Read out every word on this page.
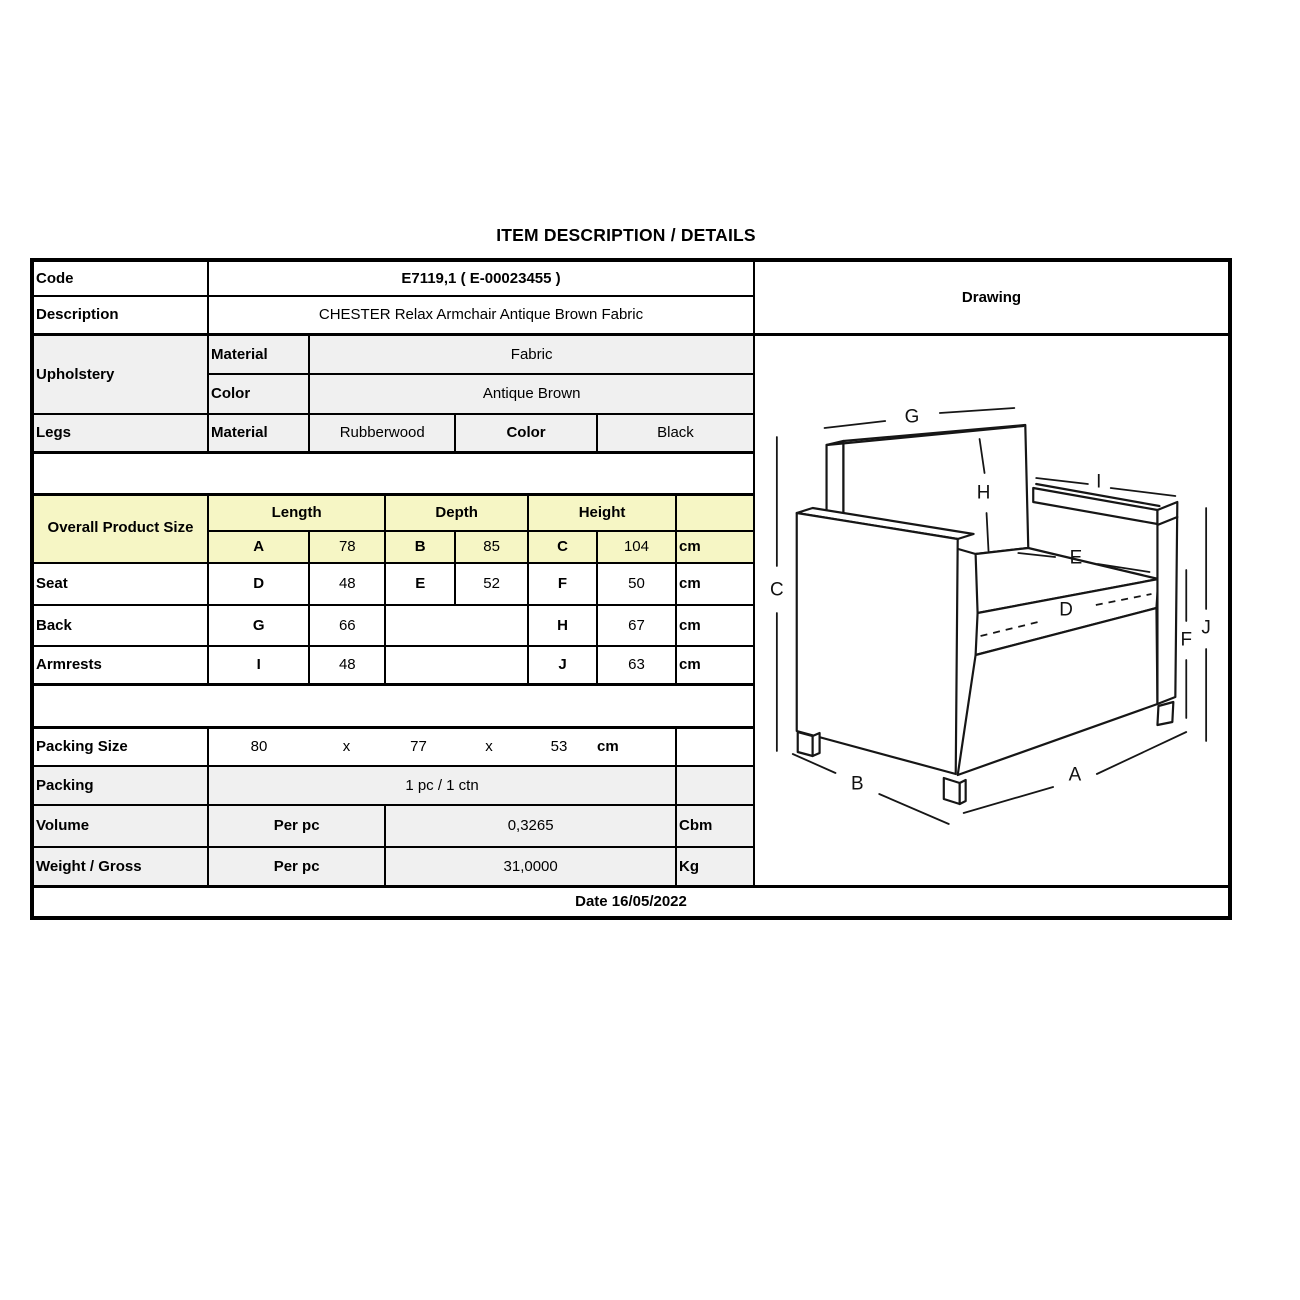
ITEM DESCRIPTION / DETAILS
Code	E7119,1 ( E-00023455 )							Drawing
Description	CHESTER Relax Armchair Antique Brown Fabric							
Upholstery	Material	Fabric	
G
C
H
I
E
D
F
J
B	A

	Color	Antique Brown						
Legs	Material	Rubberwood		Color		Black		

Overall Product Size	Length		Depth		Height			
	A	78	B	85	C	104	cm	
Seat	D	48	E	52	F	50	cm	
Back	G	66			H	67	cm	
Armrests	I	48			J	63	cm	

Packing Size	80	x	77	x	53	cm

Packing	1 pc / 1 ctn							
Volume	Per pc		0,3265				Cbm	
Weight / Gross	Per pc		31,0000				Kg	
Date 16/05/2022								
